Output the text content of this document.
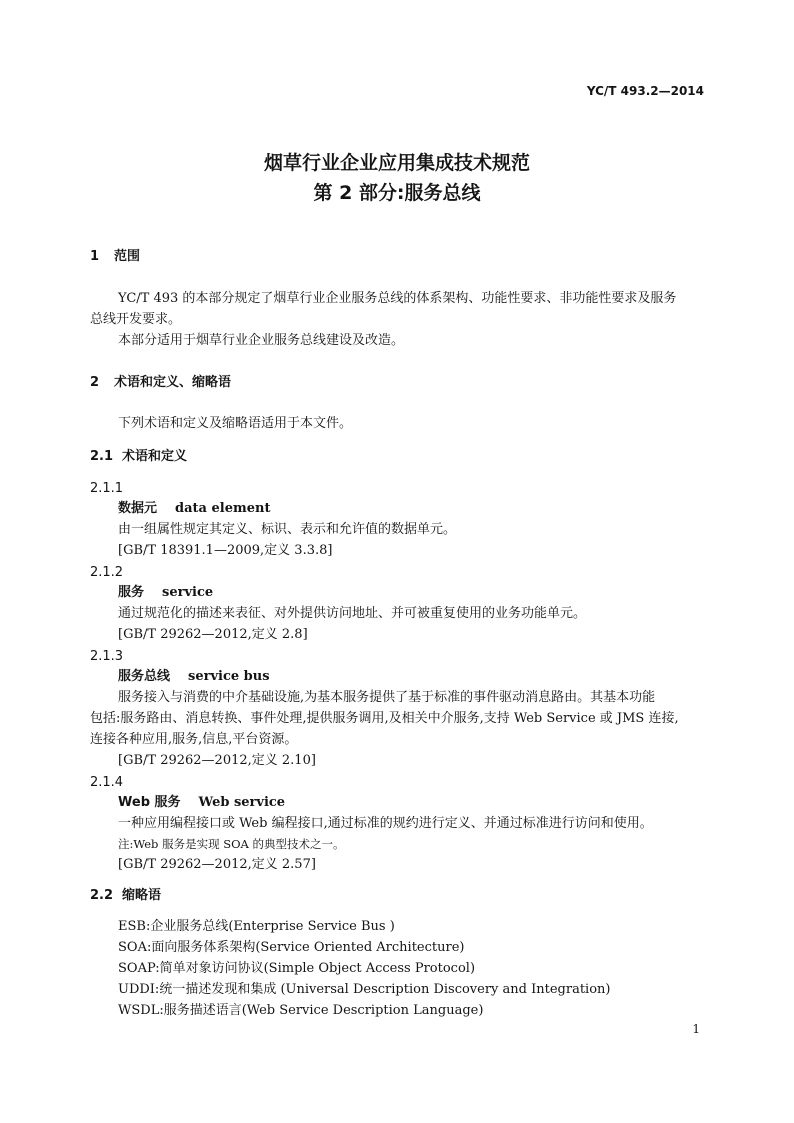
YC/T 493.2—2014
烟草行业企业应用集成技术规范
第 2 部分:服务总线
1 范围
YC/T 493 的本部分规定了烟草行业企业服务总线的体系架构、功能性要求、非功能性要求及服务
总线开发要求。
本部分适用于烟草行业企业服务总线建设及改造。
2 术语和定义、缩略语
下列术语和定义及缩略语适用于本文件。
2.1 术语和定义
2.1.1
数据元 data element
由一组属性规定其定义、标识、表示和允许值的数据单元。
[GB/T 18391.1—2009,定义 3.3.8]
2.1.2
服务 service
通过规范化的描述来表征、对外提供访问地址、并可被重复使用的业务功能单元。
[GB/T 29262—2012,定义 2.8]
2.1.3
服务总线 service bus
服务接入与消费的中介基础设施,为基本服务提供了基于标准的事件驱动消息路由。其基本功能
包括:服务路由、消息转换、事件处理,提供服务调用,及相关中介服务,支持 Web Service 或 JMS 连接,
连接各种应用,服务,信息,平台资源。
[GB/T 29262—2012,定义 2.10]
2.1.4
Web 服务 Web service
一种应用编程接口或 Web 编程接口,通过标准的规约进行定义、并通过标准进行访问和使用。
注:Web 服务是实现 SOA 的典型技术之一。
[GB/T 29262—2012,定义 2.57]
2.2 缩略语
ESB:企业服务总线(Enterprise Service Bus )
SOA:面向服务体系架构(Service Oriented Architecture)
SOAP:简单对象访问协议(Simple Object Access Protocol)
UDDI:统一描述发现和集成 (Universal Description Discovery and Integration)
WSDL:服务描述语言(Web Service Description Language)
1
